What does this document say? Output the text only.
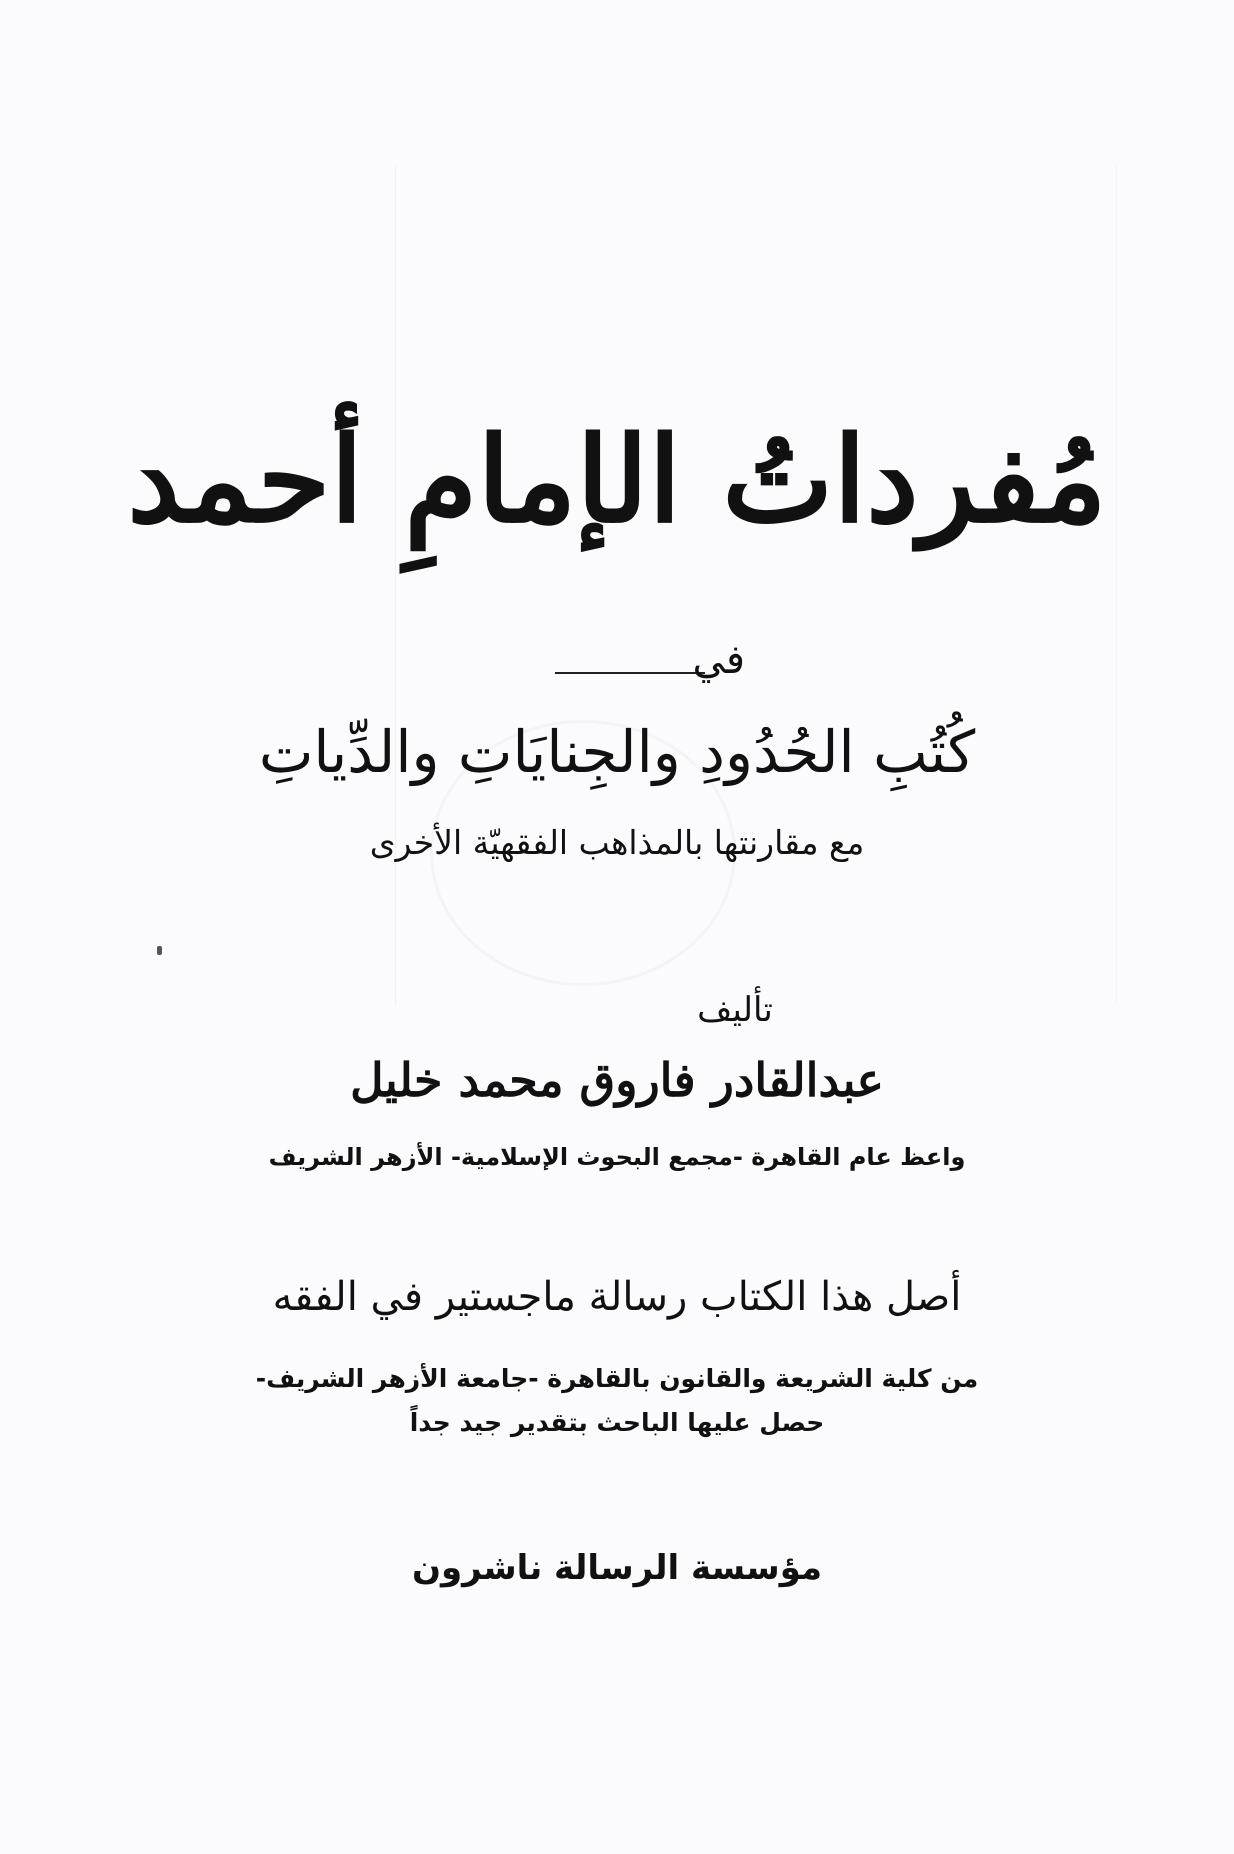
مُفرداتُ الإمامِ أحمد
في
كُتُبِ الحُدُودِ والجِنايَاتِ والدِّياتِ
مع مقارنتها بالمذاهب الفقهيّة الأخرى
تأليف
عبدالقادر فاروق محمد خليل
واعظ عام القاهرة -مجمع البحوث الإسلامية- الأزهر الشريف
أصل هذا الكتاب رسالة ماجستير في الفقه
من كلية الشريعة والقانون بالقاهرة -جامعة الأزهر الشريف-
حصل عليها الباحث بتقدير جيد جداً
مؤسسة الرسالة ناشرون
